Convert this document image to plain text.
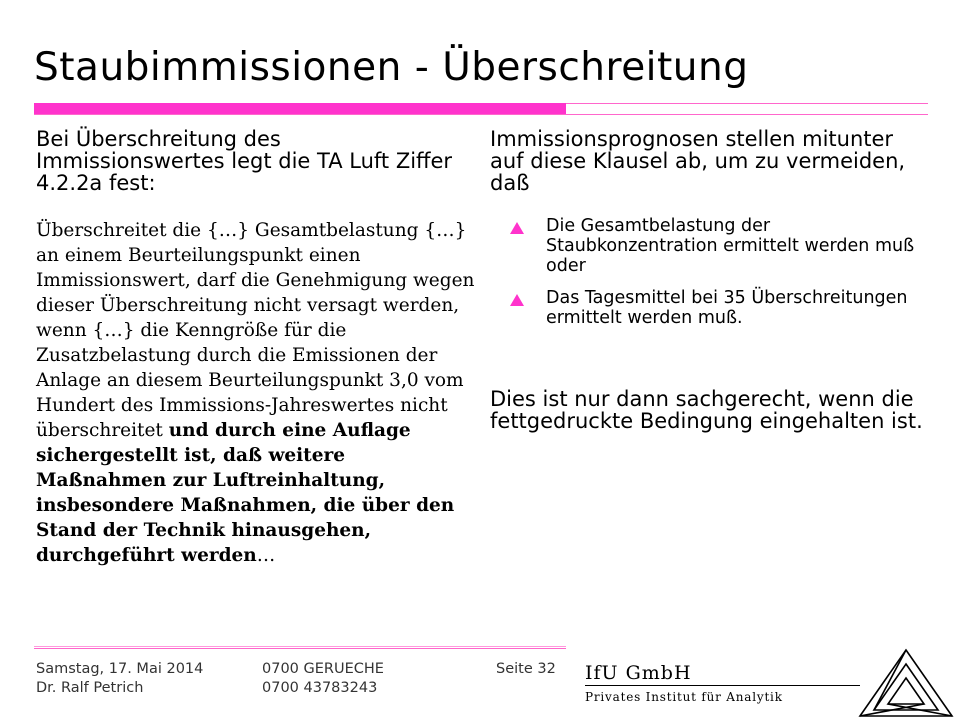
Staubimmissionen - Überschreitung

Bei Überschreitung des Immissionswertes legt die TA Luft Ziffer 4.2.2a fest:

Überschreitet die {…} Gesamtbelastung {…} an einem Beurteilungspunkt einen Immissionswert, darf die Genehmigung wegen dieser Überschreitung nicht versagt werden, wenn {…} die Kenngröße für die Zusatzbelastung durch die Emissionen der Anlage an diesem Beurteilungspunkt 3,0 vom Hundert des Immissions-Jahreswertes nicht überschreitet und durch eine Auflage sichergestellt ist, daß weitere Maßnahmen zur Luftreinhaltung, insbesondere Maßnahmen, die über den Stand der Technik hinausgehen, durchgeführt werden…

Immissionsprognosen stellen mitunter auf diese Klausel ab, um zu vermeiden, daß

Die Gesamtbelastung der Staubkonzentration ermittelt werden muß oder
Das Tagesmittel bei 35 Überschreitungen ermittelt werden muß.

Dies ist nur dann sachgerecht, wenn die fettgedruckte Bedingung eingehalten ist.

Samstag, 17. Mai 2014
Dr. Ralf Petrich
0700 GERUECHE
0700 43783243
Seite 32 IfU GmbH
Privates Institut für Analytik
